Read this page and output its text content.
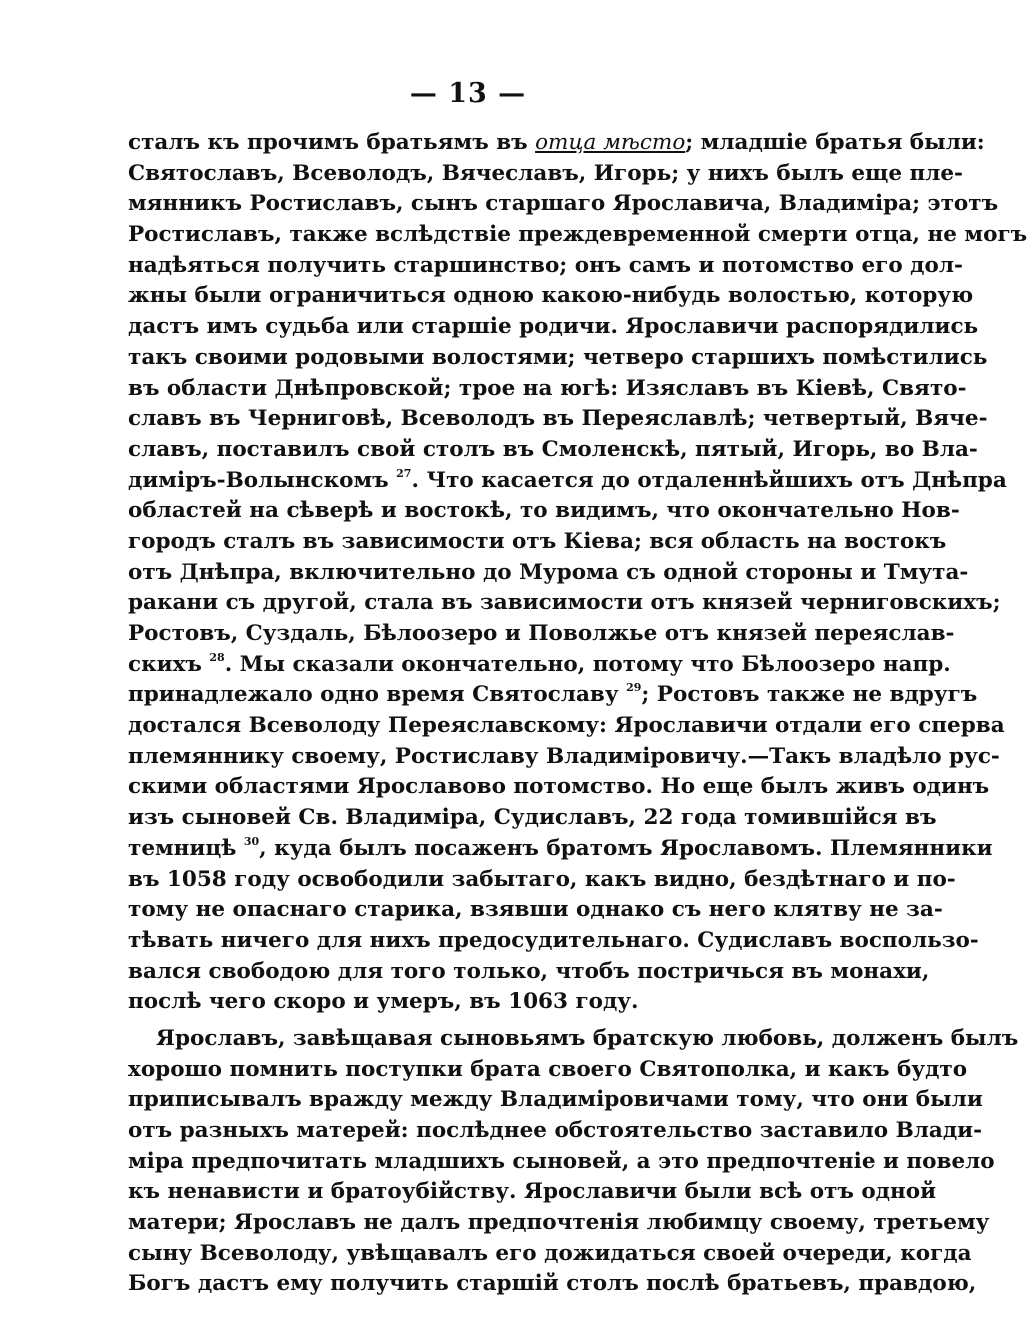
— 13 —
сталъ къ прочимъ братьямъ въ отца мѣсто; младшіе братья были:
Святославъ, Всеволодъ, Вячеславъ, Игорь; у нихъ былъ еще пле-
мянникъ Ростиславъ, сынъ старшаго Ярославича, Владиміра; этотъ
Ростиславъ, также вслѣдствіе преждевременной смерти отца, не могъ
надѣяться получить старшинство; онъ самъ и потомство его дол-
жны были ограничиться одною какою-нибудь волостью, которую
дастъ имъ судьба или старшіе родичи. Ярославичи распорядились
такъ своими родовыми волостями; четверо старшихъ помѣстились
въ области Днѣпровской; трое на югѣ: Изяславъ въ Кіевѣ, Свято-
славъ въ Черниговѣ, Всеволодъ въ Переяславлѣ; четвертый, Вяче-
славъ, поставилъ свой столъ въ Смоленскѣ, пятый, Игорь, во Вла-
диміръ-Волынскомъ $^{27}$. Что касается до отдаленнѣйшихъ отъ Днѣпра
областей на сѣверѣ и востокѣ, то видимъ, что окончательно Нов-
городъ сталъ въ зависимости отъ Кіева; вся область на востокъ
отъ Днѣпра, включительно до Мурома съ одной стороны и Тмута-
ракани съ другой, стала въ зависимости отъ князей черниговскихъ;
Ростовъ, Суздаль, Бѣлоозеро и Поволжье отъ князей переяслав-
скихъ $^{28}$. Мы сказали окончательно, потому что Бѣлоозеро напр.
принадлежало одно время Святославу $^{29}$; Ростовъ также не вдругъ
достался Всеволоду Переяславскому: Ярославичи отдали его сперва
племяннику своему, Ростиславу Владиміровичу.—Такъ владѣло рус-
скими областями Ярославово потомство. Но еще былъ живъ одинъ
изъ сыновей Св. Владиміра, Судиславъ, 22 года томившійся въ
темницѣ $^{30}$, куда былъ посаженъ братомъ Ярославомъ. Племянники
въ 1058 году освободили забытаго, какъ видно, бездѣтнаго и по-
тому не опаснаго старика, взявши однако съ него клятву не за-
тѣвать ничего для нихъ предосудительнаго. Судиславъ воспользо-
вался свободою для того только, чтобъ постричься въ монахи,
послѣ чего скоро и умеръ, въ 1063 году.
Ярославъ, завѣщавая сыновьямъ братскую любовь, долженъ былъ
хорошо помнить поступки брата своего Святополка, и какъ будто
приписывалъ вражду между Владиміровичами тому, что они были
отъ разныхъ матерей: послѣднее обстоятельство заставило Влади-
міра предпочитать младшихъ сыновей, а это предпочтеніе и повело
къ ненависти и братоубійству. Ярославичи были всѣ отъ одной
матери; Ярославъ не далъ предпочтенія любимцу своему, третьему
сыну Всеволоду, увѣщавалъ его дожидаться своей очереди, когда
Богъ дастъ ему получить старшій столъ послѣ братьевъ, правдою,
